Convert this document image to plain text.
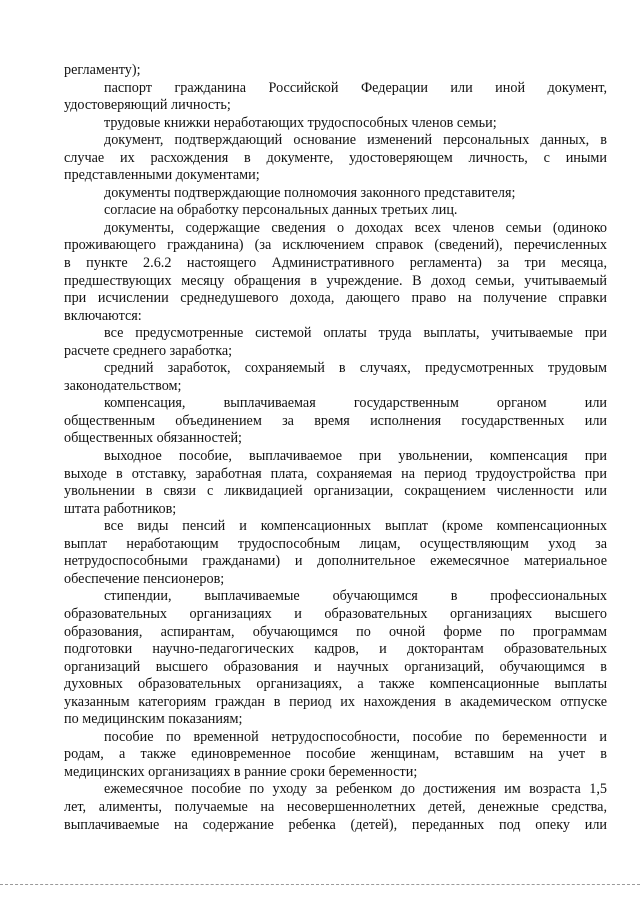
регламенту);
паспорт гражданина Российской Федерации или иной документ,
удостоверяющий личность;
трудовые книжки неработающих трудоспособных членов семьи;
документ, подтверждающий основание изменений персональных данных, в
случае их расхождения в документе, удостоверяющем личность, с иными
представленными документами;
документы подтверждающие полномочия законного представителя;
согласие на обработку персональных данных третьих лиц.
документы, содержащие сведения о доходах всех членов семьи (одиноко
проживающего гражданина) (за исключением справок (сведений), перечисленных
в пункте 2.6.2 настоящего Административного регламента) за три месяца,
предшествующих месяцу обращения в учреждение. В доход семьи, учитываемый
при исчислении среднедушевого дохода, дающего право на получение справки
включаются:
все предусмотренные системой оплаты труда выплаты, учитываемые при
расчете среднего заработка;
средний заработок, сохраняемый в случаях, предусмотренных трудовым
законодательством;
компенсация, выплачиваемая государственным органом или
общественным объединением за время исполнения государственных или
общественных обязанностей;
выходное пособие, выплачиваемое при увольнении, компенсация при
выходе в отставку, заработная плата, сохраняемая на период трудоустройства при
увольнении в связи с ликвидацией организации, сокращением численности или
штата работников;
все виды пенсий и компенсационных выплат (кроме компенсационных
выплат неработающим трудоспособным лицам, осуществляющим уход за
нетрудоспособными гражданами) и дополнительное ежемесячное материальное
обеспечение пенсионеров;
стипендии, выплачиваемые обучающимся в профессиональных
образовательных организациях и образовательных организациях высшего
образования, аспирантам, обучающимся по очной форме по программам
подготовки научно-педагогических кадров, и докторантам образовательных
организаций высшего образования и научных организаций, обучающимся в
духовных образовательных организациях, а также компенсационные выплаты
указанным категориям граждан в период их нахождения в академическом отпуске
по медицинским показаниям;
пособие по временной нетрудоспособности, пособие по беременности и
родам, а также единовременное пособие женщинам, вставшим на учет в
медицинских организациях в ранние сроки беременности;
ежемесячное пособие по уходу за ребенком до достижения им возраста 1,5
лет, алименты, получаемые на несовершеннолетних детей, денежные средства,
выплачиваемые на содержание ребенка (детей), переданных под опеку или
